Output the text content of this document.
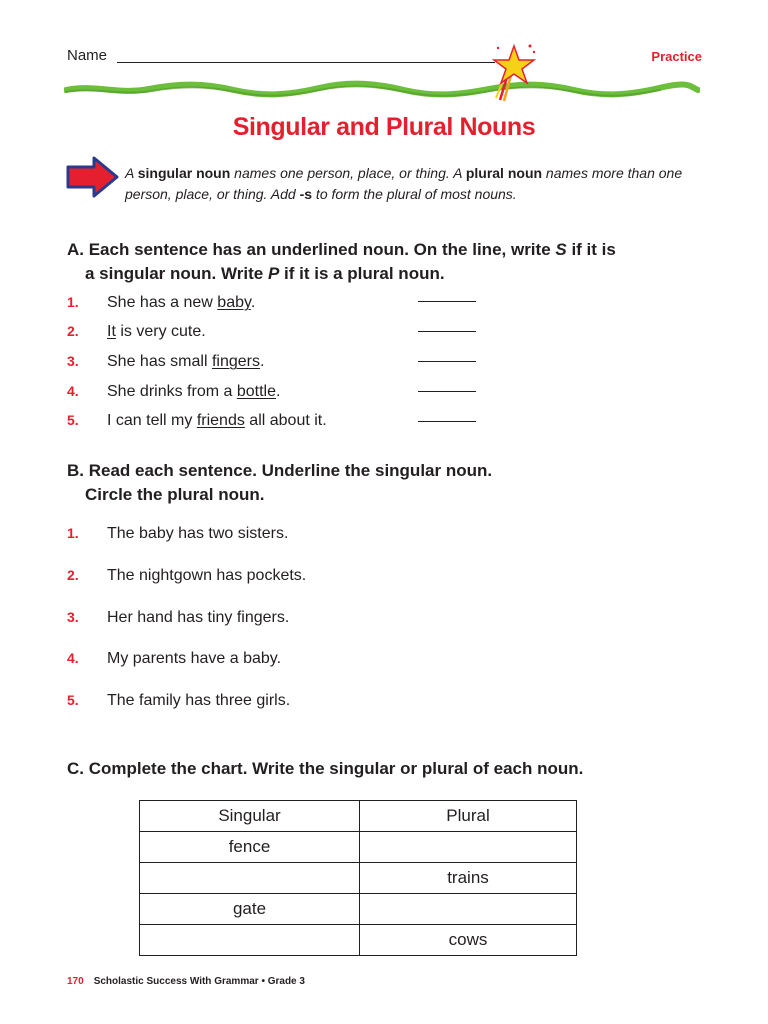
Name	Practice
Singular and Plural Nouns
A singular noun names one person, place, or thing. A plural noun names more than one person, place, or thing. Add -s to form the plural of most nouns.
A. Each sentence has an underlined noun. On the line, write S if it is
a singular noun. Write P if it is a plural noun.
1. She has a new baby.
2. It is very cute.
3. She has small fingers.
4. She drinks from a bottle.
5. I can tell my friends all about it.
B. Read each sentence. Underline the singular noun.
Circle the plural noun.
1. The baby has two sisters.
2. The nightgown has pockets.
3. Her hand has tiny fingers.
4. My parents have a baby.
5. The family has three girls.
C. Complete the chart. Write the singular or plural of each noun.
Singular	Plural
fence	
	trains
gate	
	cows
170 Scholastic Success With Grammar • Grade 3
